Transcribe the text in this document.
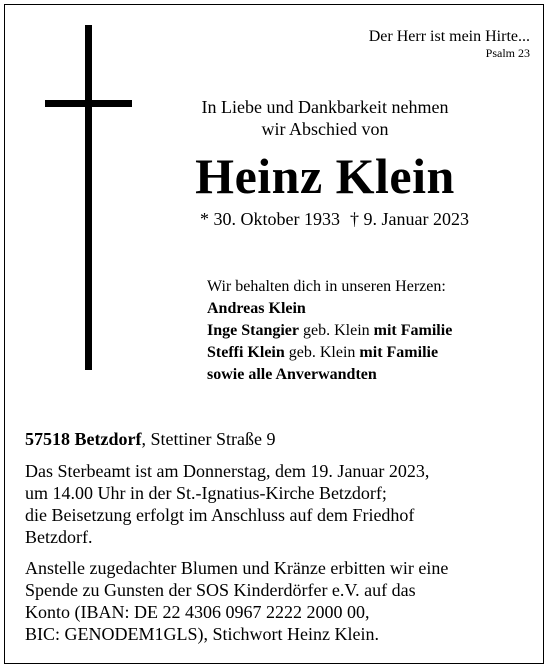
Der Herr ist mein Hirte...
Psalm 23
In Liebe und Dankbarkeit nehmen
wir Abschied von
Heinz Klein
* 30. Oktober 1933 † 9. Januar 2023
Wir behalten dich in unseren Herzen:
Andreas Klein
Inge Stangier geb. Klein mit Familie
Steffi Klein geb. Klein mit Familie
sowie alle Anverwandten
57518 Betzdorf, Stettiner Straße 9
Das Sterbeamt ist am Donnerstag, dem 19. Januar 2023,
um 14.00 Uhr in der St.-Ignatius-Kirche Betzdorf;
die Beisetzung erfolgt im Anschluss auf dem Friedhof
Betzdorf.
Anstelle zugedachter Blumen und Kränze erbitten wir eine
Spende zu Gunsten der SOS Kinderdörfer e.V. auf das
Konto (IBAN: DE 22 4306 0967 2222 2000 00,
BIC: GENODEM1GLS), Stichwort Heinz Klein.
